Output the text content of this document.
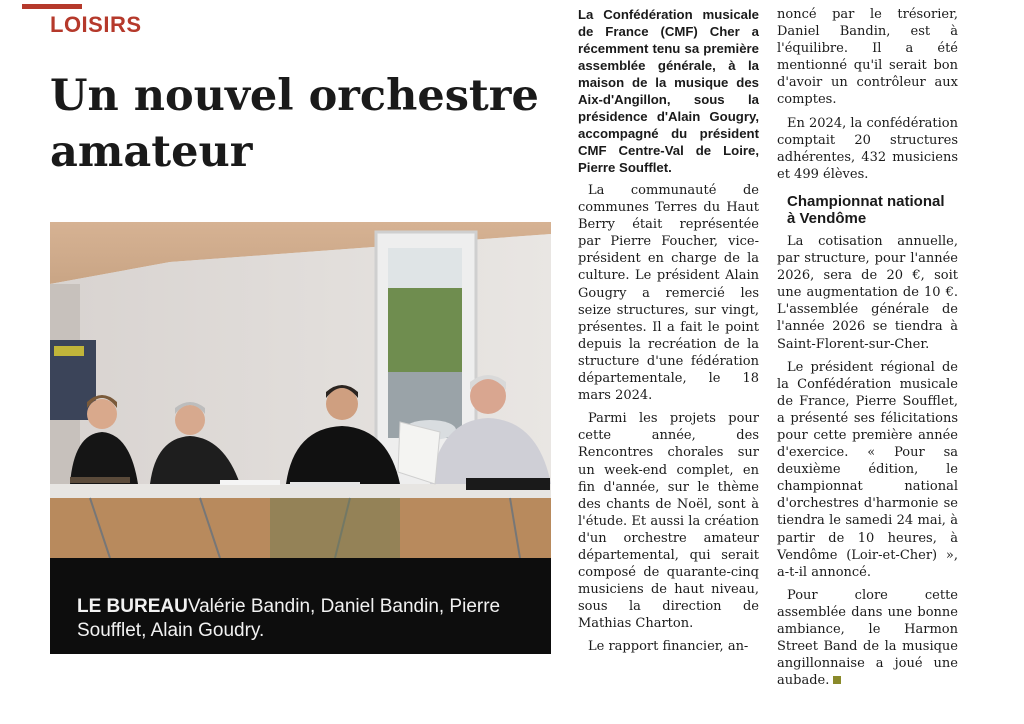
LOISIRS
Un nouvel orchestre amateur
LE BUREAUValérie Bandin, Daniel Bandin, Pierre Soufflet, Alain Goudry.

La Confédération musicale de France (CMF) Cher a récemment tenu sa première assemblée générale, à la maison de la musique des Aix-d'Angillon, sous la présidence d'Alain Gougry, accompagné du président CMF Centre-Val de Loire, Pierre Soufflet.

La communauté de communes Terres du Haut Berry était représentée par Pierre Foucher, vice-président en charge de la culture. Le président Alain Gougry a remercié les seize structures, sur vingt, présentes. Il a fait le point depuis la recréation de la structure d'une fédération départementale, le 18 mars 2024.

Parmi les projets pour cette année, des Rencontres chorales sur un week-end complet, en fin d'année, sur le thème des chants de Noël, sont à l'étude. Et aussi la création d'un orchestre amateur départemental, qui serait composé de quarante-cinq musiciens de haut niveau, sous la direction de Mathias Charton.

Le rapport financier, an-

noncé par le trésorier, Daniel Bandin, est à l'équilibre. Il a été mentionné qu'il serait bon d'avoir un contrôleur aux comptes.

En 2024, la confédération comptait 20 structures adhérentes, 432 musiciens et 499 élèves.

Championnat national à Vendôme

La cotisation annuelle, par structure, pour l'année 2026, sera de 20 €, soit une augmentation de 10 €. L'assemblée générale de l'année 2026 se tiendra à Saint-Florent-sur-Cher.

Le président régional de la Confédération musicale de France, Pierre Soufflet, a présenté ses félicitations pour cette première année d'exercice. « Pour sa deuxième édition, le championnat national d'orchestres d'harmonie se tiendra le samedi 24 mai, à partir de 10 heures, à Vendôme (Loir-et-Cher) », a-t-il annoncé.

Pour clore cette assemblée dans une bonne ambiance, le Harmon Street Band de la musique angillonnaise a joué une aubade.
